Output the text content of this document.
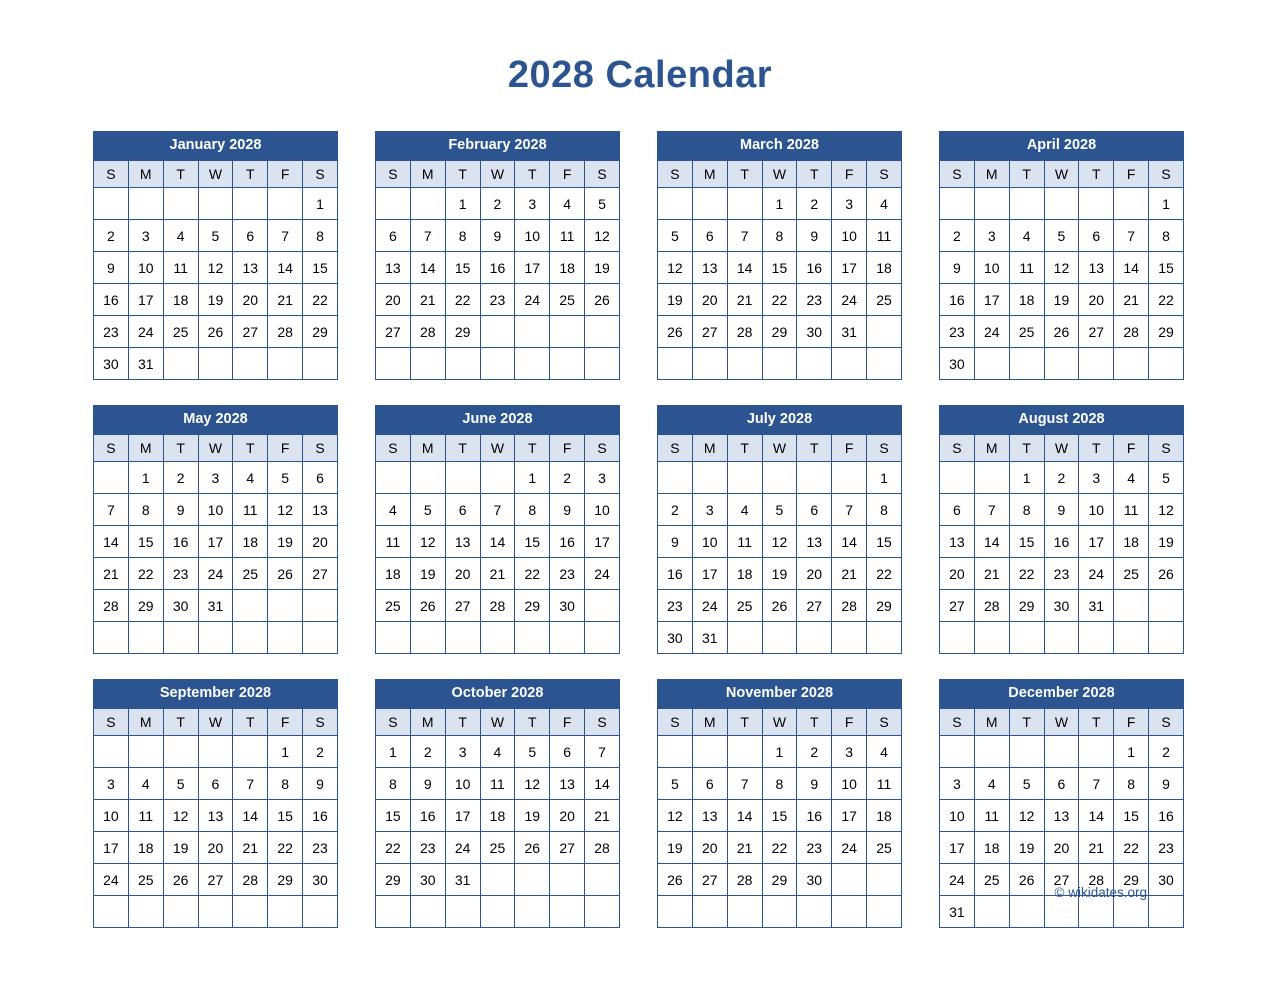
2028 Calendar
January 2028
S	M	T	W	T	F	S
						1
2	3	4	5	6	7	8
9	10	11	12	13	14	15
16	17	18	19	20	21	22
23	24	25	26	27	28	29
30	31					
February 2028
S	M	T	W	T	F	S
		1	2	3	4	5
6	7	8	9	10	11	12
13	14	15	16	17	18	19
20	21	22	23	24	25	26
27	28	29				

March 2028
S	M	T	W	T	F	S
			1	2	3	4
5	6	7	8	9	10	11
12	13	14	15	16	17	18
19	20	21	22	23	24	25
26	27	28	29	30	31	

April 2028
S	M	T	W	T	F	S
						1
2	3	4	5	6	7	8
9	10	11	12	13	14	15
16	17	18	19	20	21	22
23	24	25	26	27	28	29
30						
May 2028
S	M	T	W	T	F	S
	1	2	3	4	5	6
7	8	9	10	11	12	13
14	15	16	17	18	19	20
21	22	23	24	25	26	27
28	29	30	31			

June 2028
S	M	T	W	T	F	S
				1	2	3
4	5	6	7	8	9	10
11	12	13	14	15	16	17
18	19	20	21	22	23	24
25	26	27	28	29	30	

July 2028
S	M	T	W	T	F	S
						1
2	3	4	5	6	7	8
9	10	11	12	13	14	15
16	17	18	19	20	21	22
23	24	25	26	27	28	29
30	31					
August 2028
S	M	T	W	T	F	S
		1	2	3	4	5
6	7	8	9	10	11	12
13	14	15	16	17	18	19
20	21	22	23	24	25	26
27	28	29	30	31		

September 2028
S	M	T	W	T	F	S
					1	2
3	4	5	6	7	8	9
10	11	12	13	14	15	16
17	18	19	20	21	22	23
24	25	26	27	28	29	30

October 2028
S	M	T	W	T	F	S
1	2	3	4	5	6	7
8	9	10	11	12	13	14
15	16	17	18	19	20	21
22	23	24	25	26	27	28
29	30	31				

November 2028
S	M	T	W	T	F	S
			1	2	3	4
5	6	7	8	9	10	11
12	13	14	15	16	17	18
19	20	21	22	23	24	25
26	27	28	29	30		

December 2028
S	M	T	W	T	F	S
					1	2
3	4	5	6	7	8	9
10	11	12	13	14	15	16
17	18	19	20	21	22	23
24	25	26	27	28	29	30
31						
© wikidates.org
